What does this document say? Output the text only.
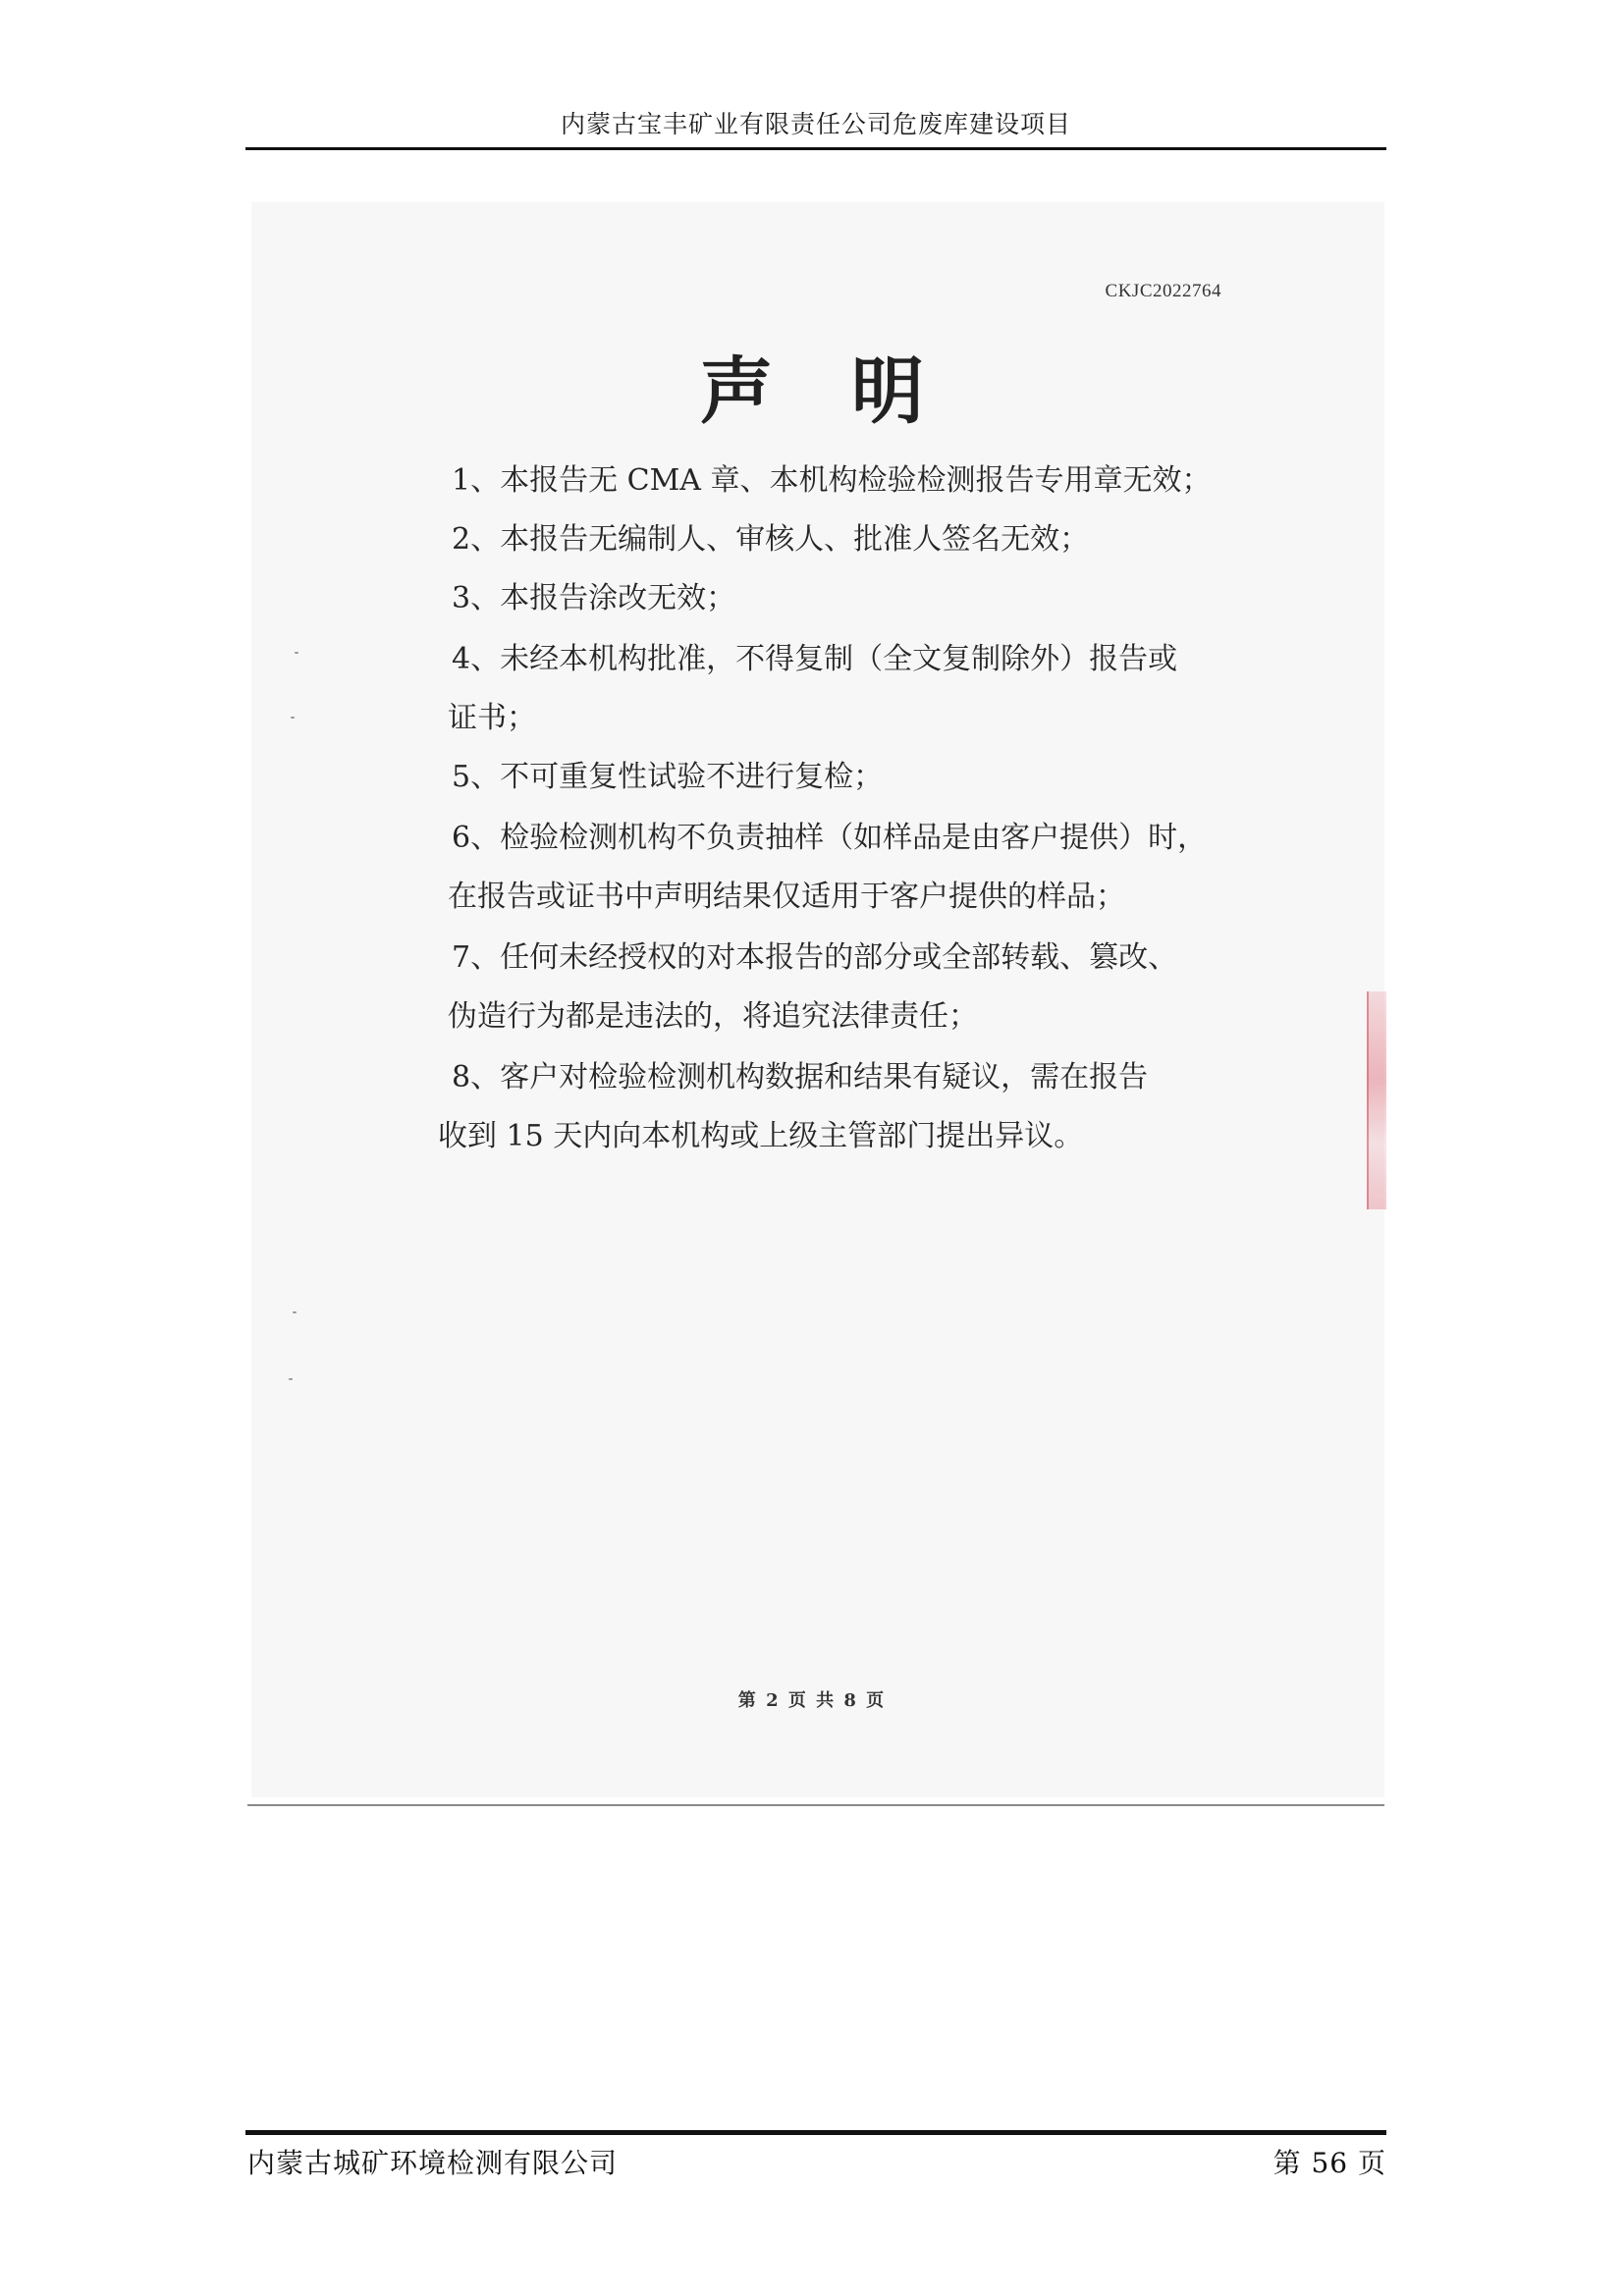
内蒙古宝丰矿业有限责任公司危废库建设项目
CKJC2022764
声明
1、本报告无 CMA 章、本机构检验检测报告专用章无效；
2、本报告无编制人、审核人、批准人签名无效；
3、本报告涂改无效；
4、未经本机构批准，不得复制（全文复制除外）报告或
证书；
5、不可重复性试验不进行复检；
6、检验检测机构不负责抽样（如样品是由客户提供）时，
在报告或证书中声明结果仅适用于客户提供的样品；
7、任何未经授权的对本报告的部分或全部转载、篡改、
伪造行为都是违法的，将追究法律责任；
8、客户对检验检测机构数据和结果有疑议，需在报告
收到 15 天内向本机构或上级主管部门提出异议。
第 2 页 共 8 页
内蒙古城矿环境检测有限公司	第 56 页
